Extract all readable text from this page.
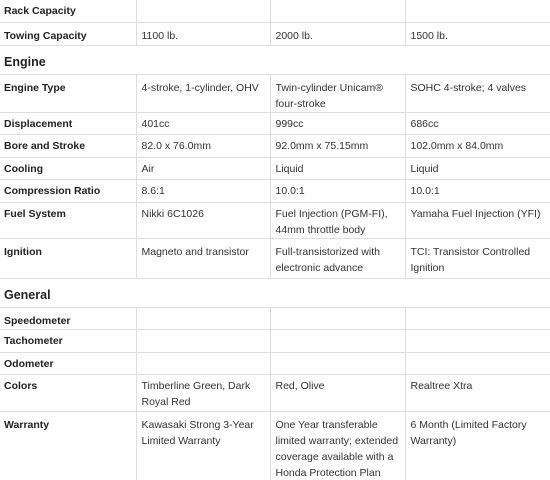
Rack Capacity			
Towing Capacity	1100 lb.	2000 lb.	1500 lb.
Engine			
Engine Type	4-stroke, 1-cylinder, OHV	Twin-cylinder Unicam® four-stroke	SOHC 4-stroke; 4 valves
Displacement	401cc	999cc	686cc
Bore and Stroke	82.0 x 76.0mm	92.0mm x 75.15mm	102.0mm x 84.0mm
Cooling	Air	Liquid	Liquid
Compression Ratio	8.6:1	10.0:1	10.0:1
Fuel System	Nikki 6C1026	Fuel Injection (PGM-FI), 44mm throttle body	Yamaha Fuel Injection (YFI)
Ignition	Magneto and transistor	Full-transistorized with electronic advance	TCI: Transistor Controlled Ignition
General			
Speedometer			
Tachometer			
Odometer			
Colors	Timberline Green, Dark Royal Red	Red, Olive	Realtree Xtra
Warranty	Kawasaki Strong 3-Year Limited Warranty	One Year transferable limited warranty; extended coverage available with a Honda Protection Plan	6 Month (Limited Factory Warranty)
